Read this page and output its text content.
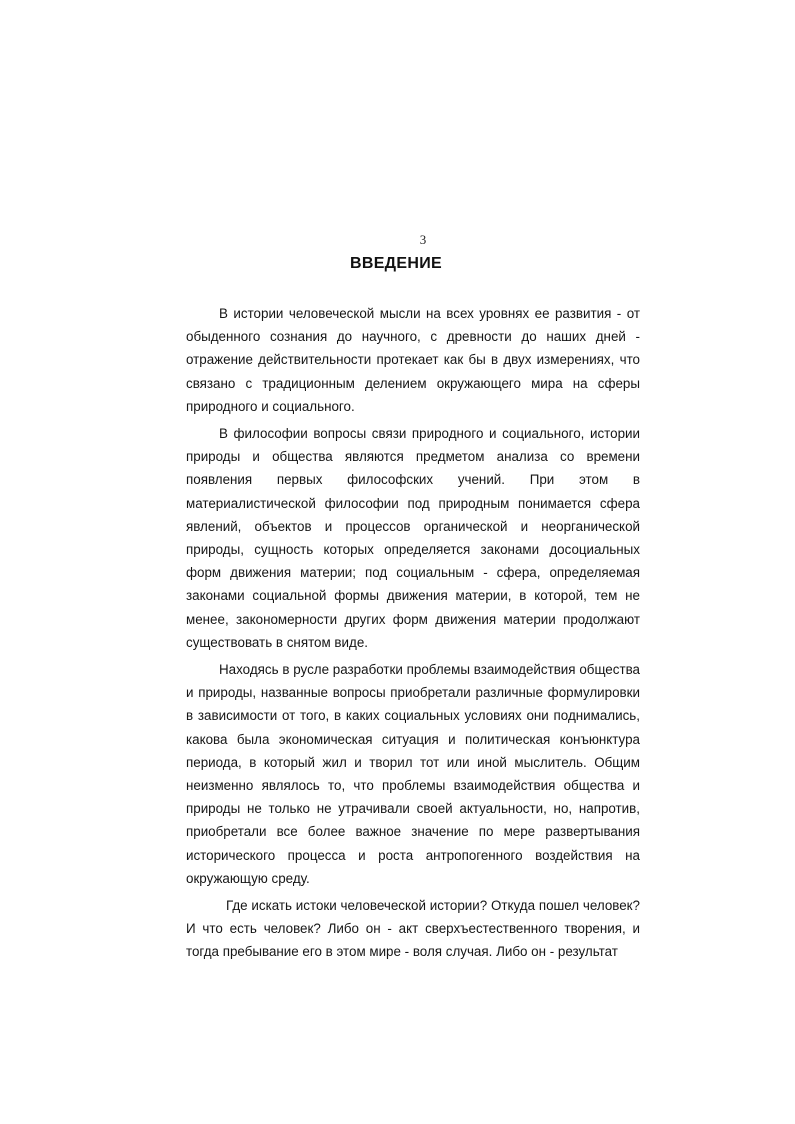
3
ВВЕДЕНИЕ

В истории человеческой мысли на всех уровнях ее развития - от обыденного сознания до научного, с древности до наших дней - отражение действительности протекает как бы в двух измерениях, что связано с традиционным делением окружающего мира на сферы природного и социального.

В философии вопросы связи природного и социального, истории природы и общества являются предметом анализа со времени появления первых философских учений. При этом в материалистической философии под природным понимается сфера явлений, объектов и процессов органической и неорганической природы, сущность которых определяется законами досоциальных форм движения материи; под социальным - сфера, определяемая законами социальной формы движения материи, в которой, тем не менее, закономерности других форм движения материи продолжают существовать в снятом виде.

Находясь в русле разработки проблемы взаимодействия общества и природы, названные вопросы приобретали различные формулировки в зависимости от того, в каких социальных условиях они поднимались, какова была экономическая ситуация и политическая конъюнктура периода, в который жил и творил тот или иной мыслитель. Общим неизменно являлось то, что проблемы взаимодействия общества и природы не только не утрачивали своей актуальности, но, напротив, приобретали все более важное значение по мере развертывания исторического процесса и роста антропогенного воздействия на окружающую среду.

Где искать истоки человеческой истории? Откуда пошел человек? И что есть человек? Либо он - акт сверхъестественного творения, и тогда пребывание его в этом мире - воля случая. Либо он - результат
